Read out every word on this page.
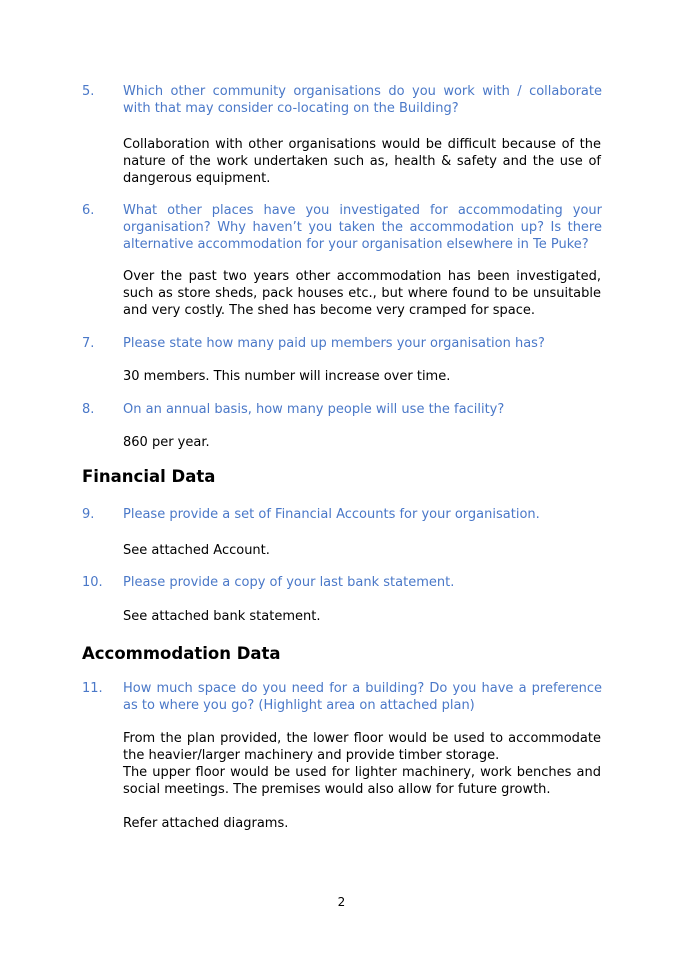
5.	Which other community organisations do you work with / collaborate with that may consider co-locating on the Building?
Collaboration with other organisations would be difficult because of the nature of the work undertaken such as, health & safety and the use of dangerous equipment.
6.	What other places have you investigated for accommodating your organisation? Why haven’t you taken the accommodation up? Is there alternative accommodation for your organisation elsewhere in Te Puke?
Over the past two years other accommodation has been investigated, such as store sheds, pack houses etc., but where found to be unsuitable and very costly. The shed has become very cramped for space.
7.	Please state how many paid up members your organisation has?
30 members. This number will increase over time.
8.	On an annual basis, how many people will use the facility?
860 per year.
Financial Data
9.	Please provide a set of Financial Accounts for your organisation.
See attached Account.
10.	Please provide a copy of your last bank statement.
See attached bank statement.
Accommodation Data
11.	How much space do you need for a building? Do you have a preference as to where you go? (Highlight area on attached plan)

From the plan provided, the lower floor would be used to accommodate the heavier/larger machinery and provide timber storage.

The upper floor would be used for lighter machinery, work benches and social meetings. The premises would also allow for future growth.

Refer attached diagrams.

2
